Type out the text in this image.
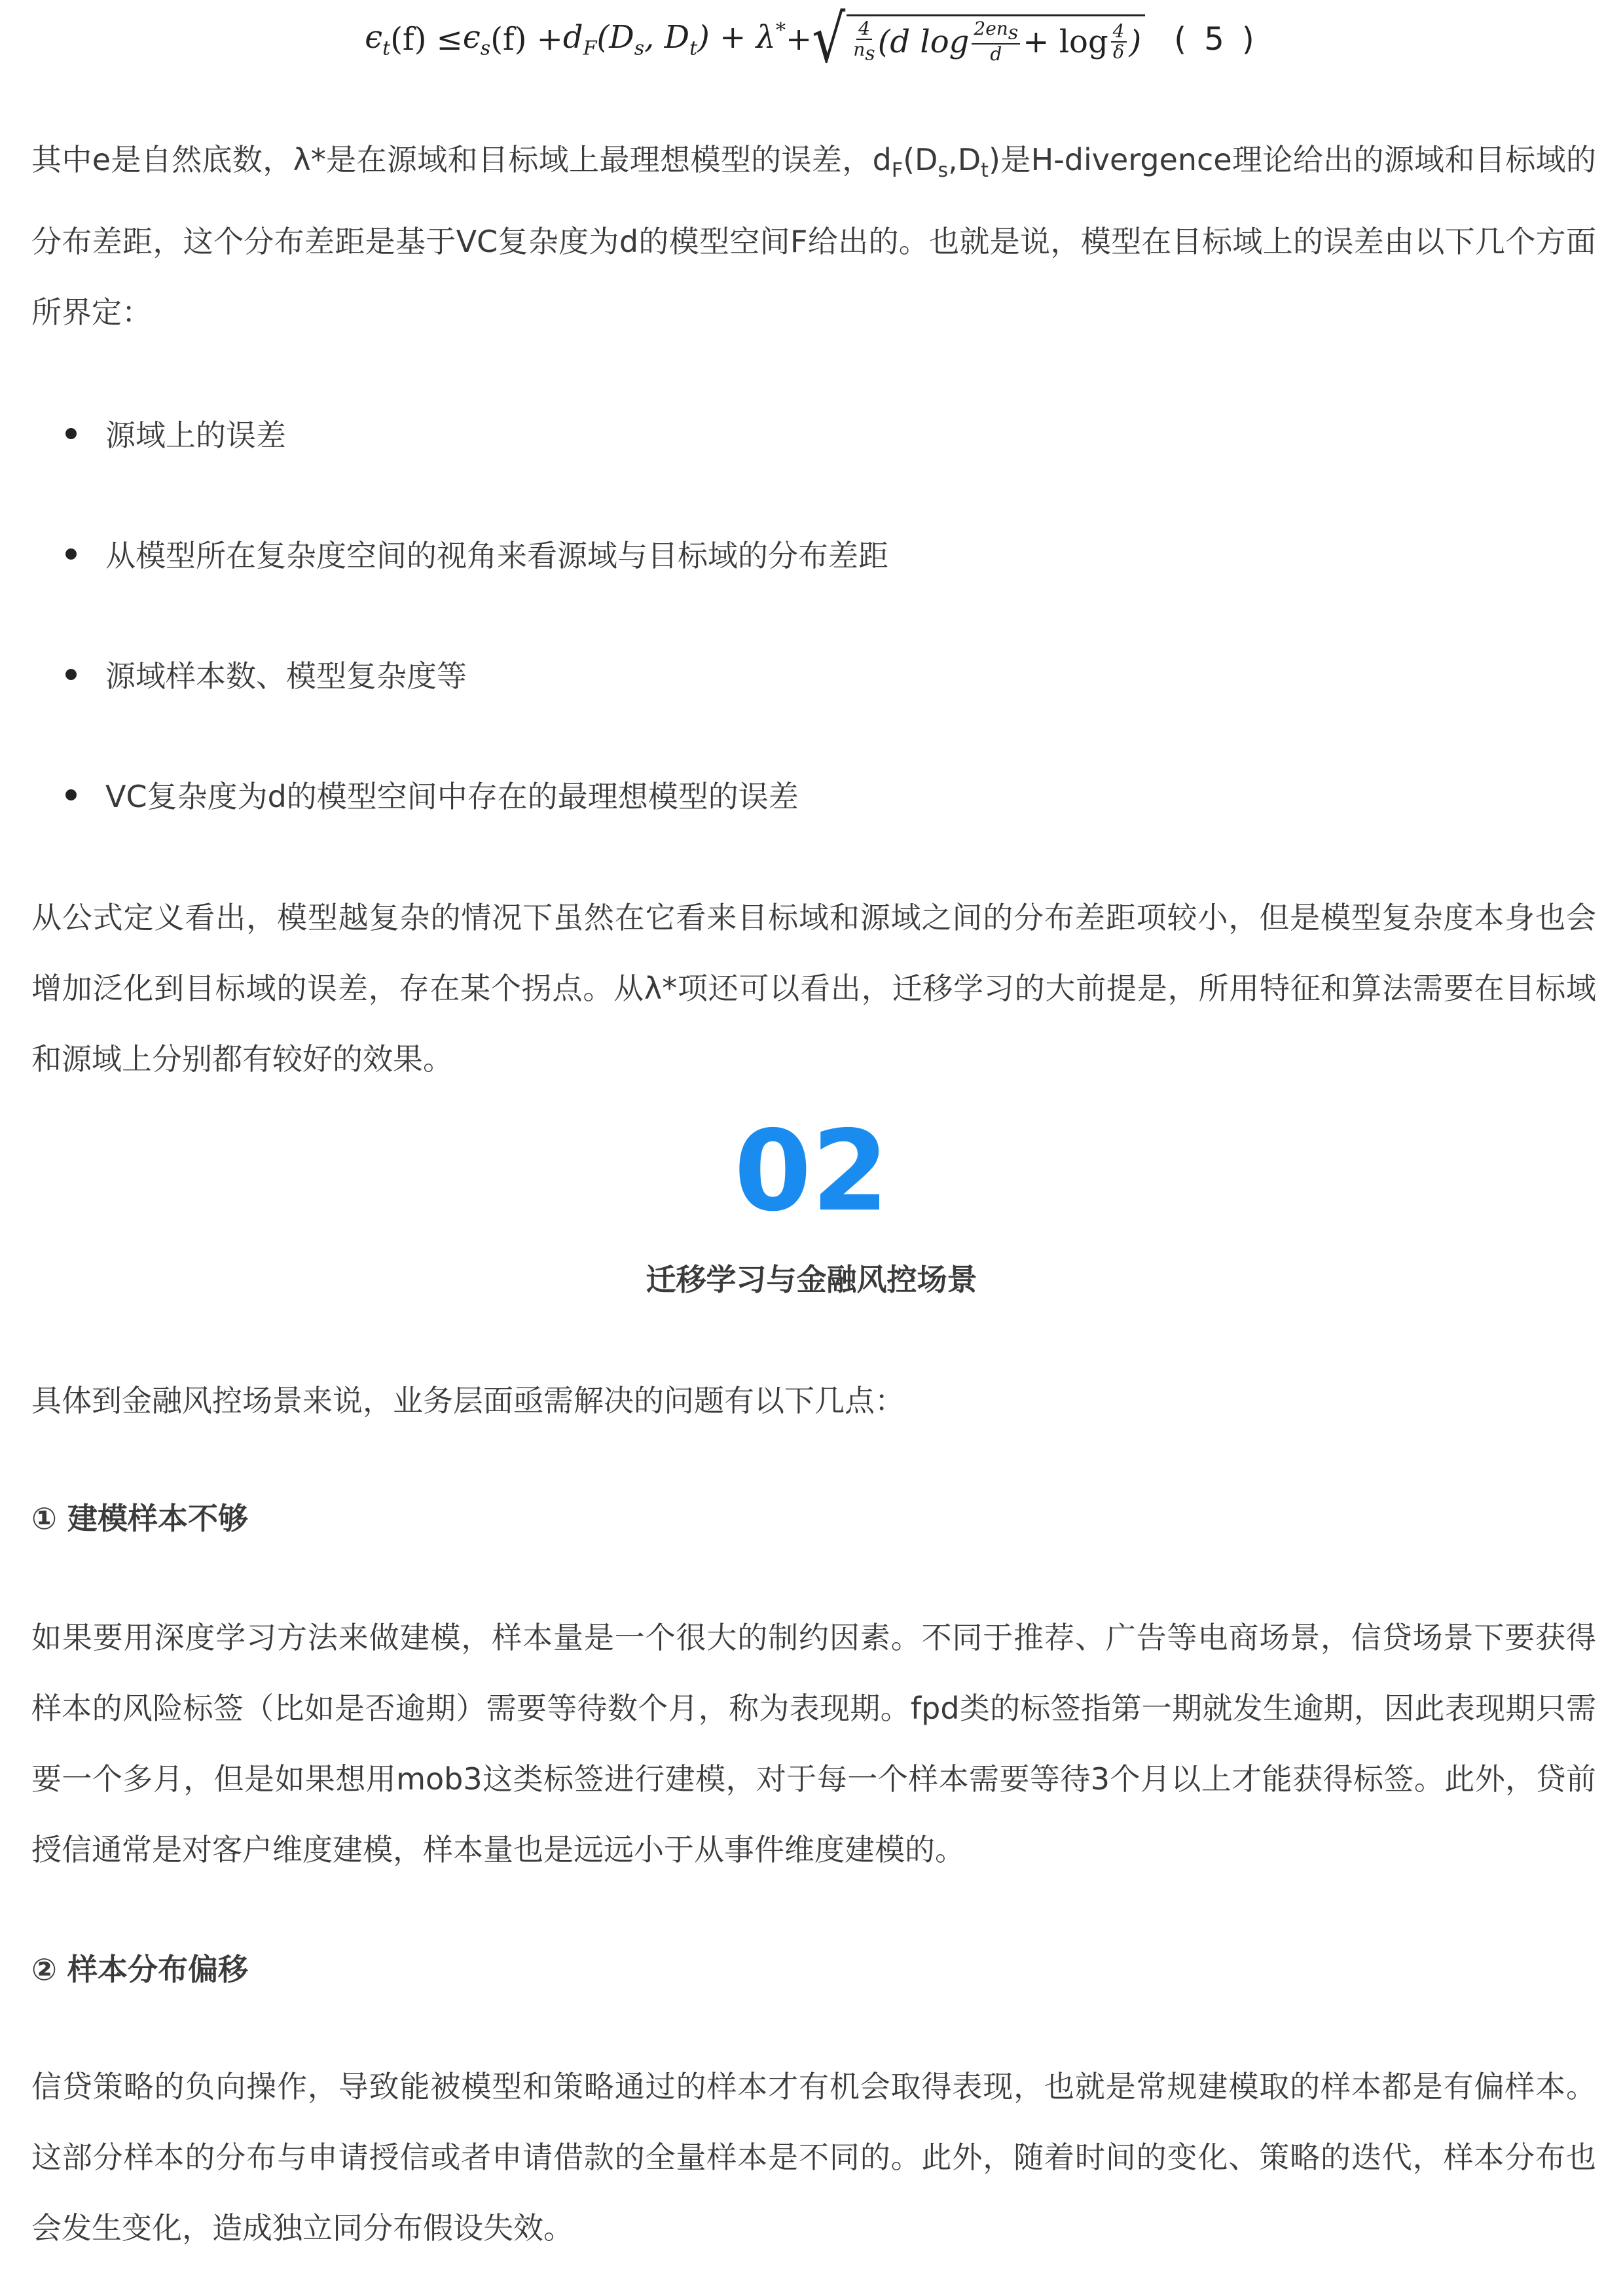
$\epsilon_t$ $(f) \le \epsilon_s$ $(f) + d_F(D_s$, $D_t) + \lambda^*$ + √ $\frac{4}{n_s} (d$ $\log \frac{2en_s}{d} + \log \frac{4}{\delta}$ ) ( 5 )

其中e是自然底数，λ*是在源域和目标域上最理想模型的误差，$d_F(D_s,D_t)$是H-divergence理论给出的源域和目标域的分布差距，这个分布差距是基于VC复杂度为d的模型空间F给出的。也就是说，模型在目标域上的误差由以下几个方面所界定：

源域上的误差
从模型所在复杂度空间的视角来看源域与目标域的分布差距
源域样本数、模型复杂度等
VC复杂度为d的模型空间中存在的最理想模型的误差

从公式定义看出，模型越复杂的情况下虽然在它看来目标域和源域之间的分布差距项较小，但是模型复杂度本身也会增加泛化到目标域的误差，存在某个拐点。从λ*项还可以看出，迁移学习的大前提是，所用特征和算法需要在目标域和源域上分别都有较好的效果。

02
迁移学习与金融风控场景

具体到金融风控场景来说，业务层面亟需解决的问题有以下几点：

① 建模样本不够

如果要用深度学习方法来做建模，样本量是一个很大的制约因素。不同于推荐、广告等电商场景，信贷场景下要获得样本的风险标签（比如是否逾期）需要等待数个月，称为表现期。fpd类的标签指第一期就发生逾期，因此表现期只需要一个多月，但是如果想用mob3这类标签进行建模，对于每一个样本需要等待3个月以上才能获得标签。此外，贷前授信通常是对客户维度建模，样本量也是远远小于从事件维度建模的。

② 样本分布偏移

信贷策略的负向操作，导致能被模型和策略通过的样本才有机会取得表现，也就是常规建模取的样本都是有偏样本。这部分样本的分布与申请授信或者申请借款的全量样本是不同的。此外，随着时间的变化、策略的迭代，样本分布也会发生变化，造成独立同分布假设失效。
